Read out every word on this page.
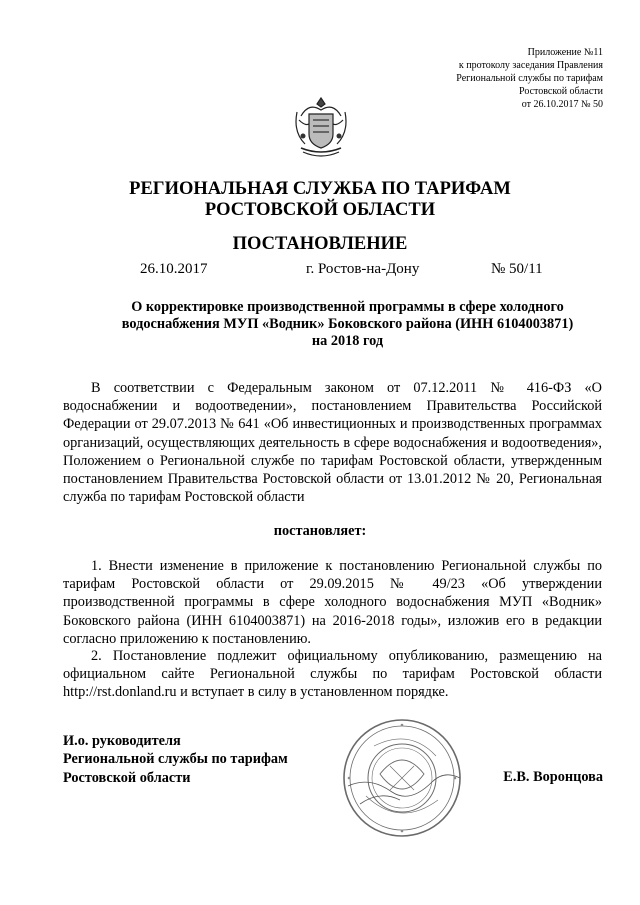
Приложение №11
к протоколу заседания Правления
Региональной службы по тарифам
Ростовской области
от 26.10.2017 № 50
РЕГИОНАЛЬНАЯ СЛУЖБА ПО ТАРИФАМ
РОСТОВСКОЙ ОБЛАСТИ
ПОСТАНОВЛЕНИЕ
26.10.2017	г. Ростов-на-Дону	№ 50/11
О корректировке производственной программы в сфере холодного
водоснабжения МУП «Водник» Боковского района (ИНН 6104003871)
на 2018 год

В соответствии с Федеральным законом от 07.12.2011 № 416-ФЗ «О водоснабжении и водоотведении», постановлением Правительства Российской Федерации от 29.07.2013 № 641 «Об инвестиционных и производственных программах организаций, осуществляющих деятельность в сфере водоснабжения и водоотведения», Положением о Региональной службе по тарифам Ростовской области, утвержденным постановлением Правительства Ростовской области от 13.01.2012 № 20, Региональная служба по тарифам Ростовской области

постановляет:

1. Внести изменение в приложение к постановлению Региональной службы по тарифам Ростовской области от 29.09.2015 № 49/23 «Об утверждении производственной программы в сфере холодного водоснабжения МУП «Водник» Боковского района (ИНН 6104003871) на 2016-2018 годы», изложив его в редакции согласно приложению к постановлению.

2. Постановление подлежит официальному опубликованию, размещению на официальном сайте Региональной службы по тарифам Ростовской области http://rst.donland.ru и вступает в силу в установленном порядке.

И.о. руководителя
Региональной службы по тарифам
Ростовской области	Е.В. Воронцова
